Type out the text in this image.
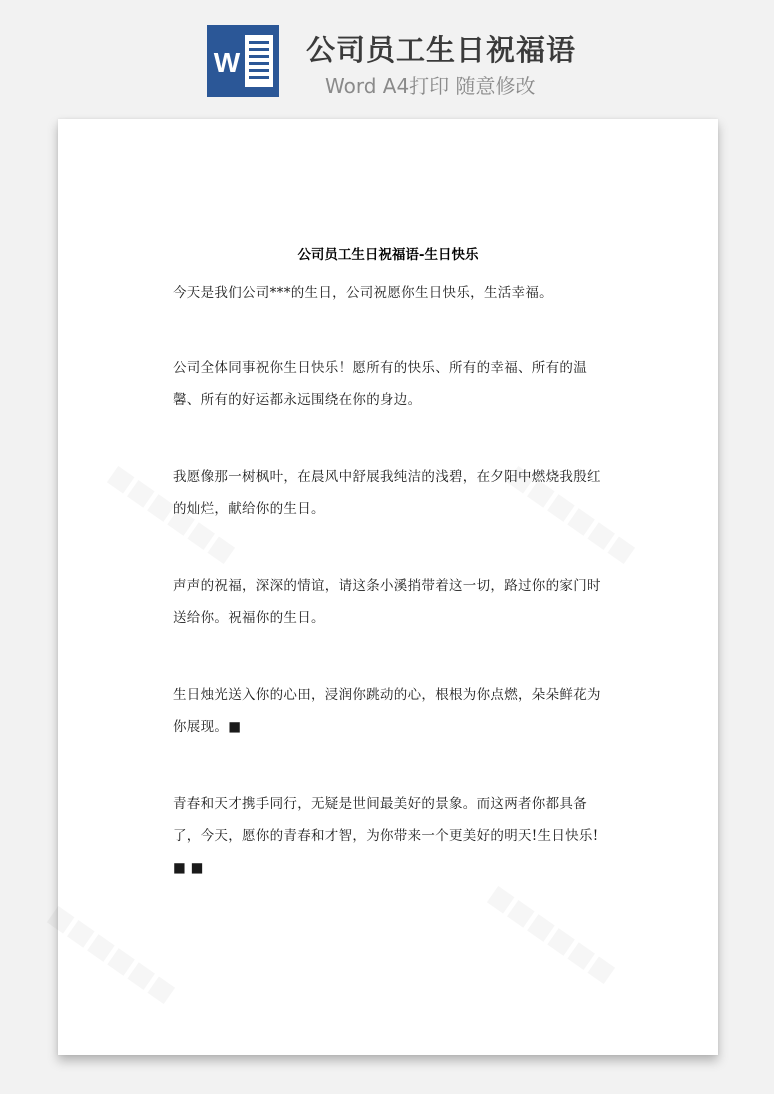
W 公司员工生日祝福语
Word A4打印 随意修改
公司员工生日祝福语-生日快乐
今天是我们公司***的生日，公司祝愿你生日快乐，生活幸福。
公司全体同事祝你生日快乐！愿所有的快乐、所有的幸福、所有的温馨、所有的好运都永远围绕在你的身边。
我愿像那一树枫叶，在晨风中舒展我纯洁的浅碧，在夕阳中燃烧我殷红的灿烂，献给你的生日。
声声的祝福，深深的情谊，请这条小溪捎带着这一切，路过你的家门时送给你。祝福你的生日。
生日烛光送入你的心田，浸润你跳动的心，根根为你点燃，朵朵鲜花为你展现。■
青春和天才携手同行，无疑是世间最美好的景象。而这两者你都具备了，今天，愿你的青春和才智，为你带来一个更美好的明天!生日快乐! ■ ■
